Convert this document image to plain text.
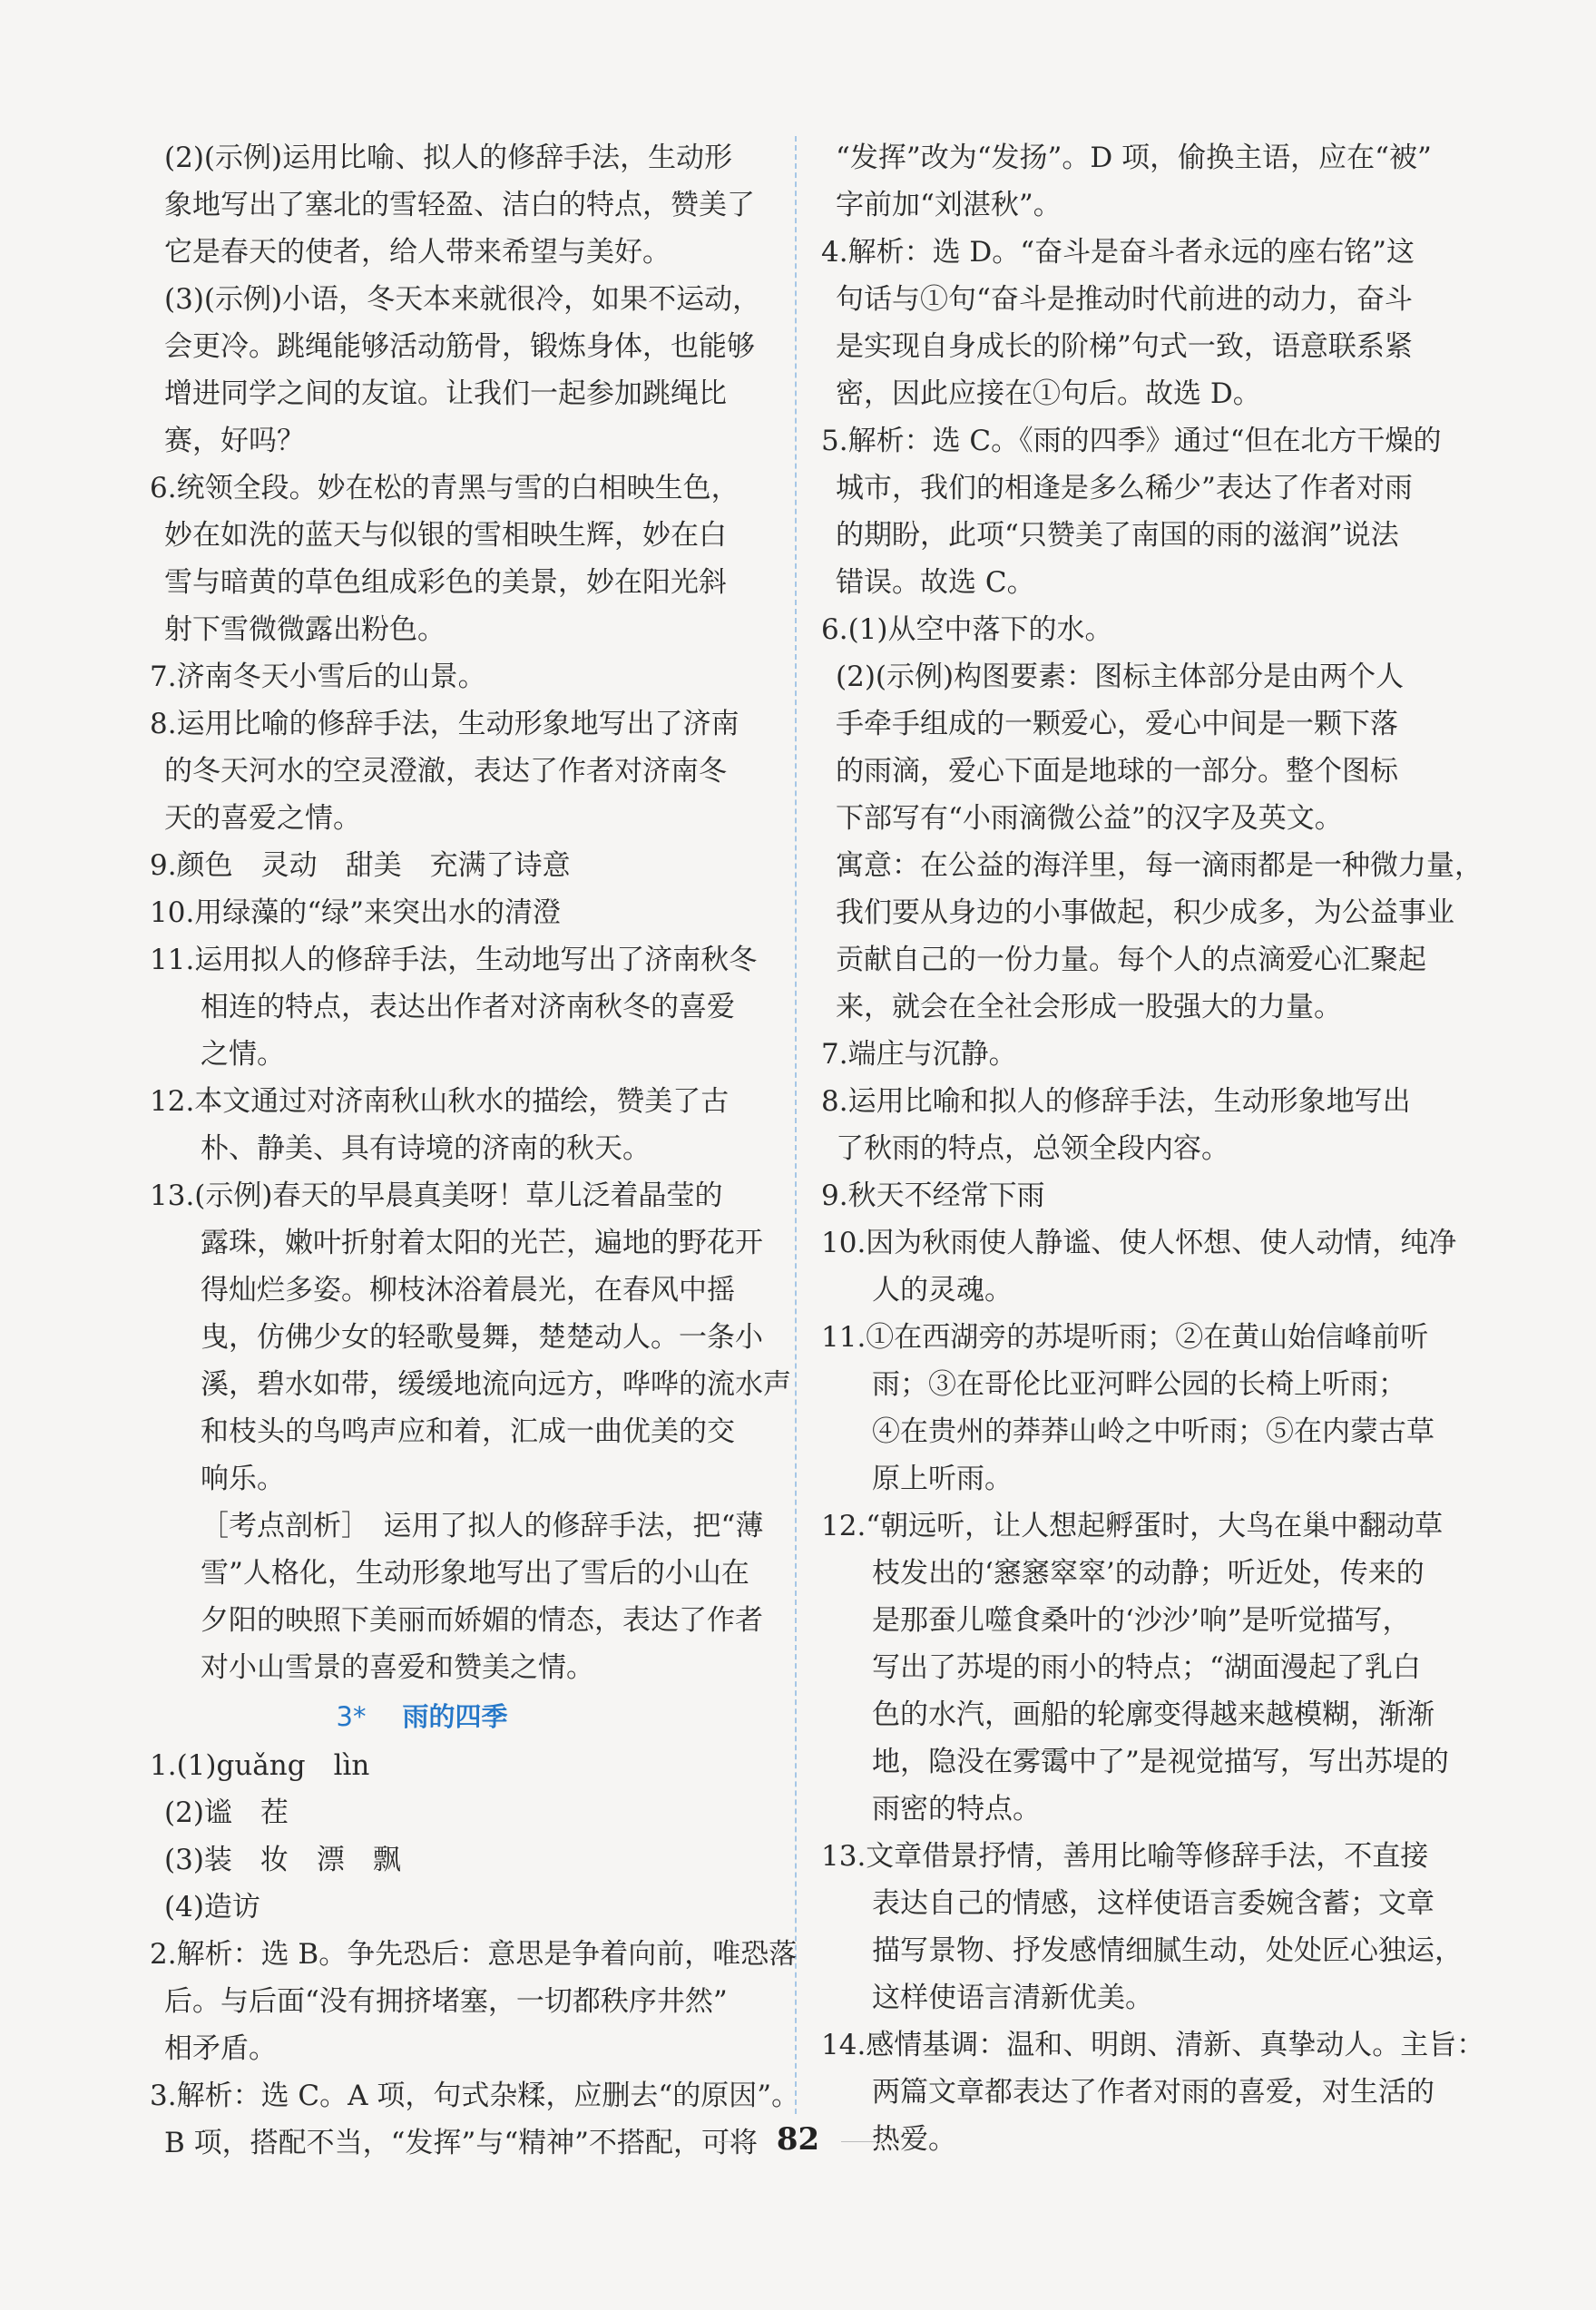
(2)(示例)运用比喻、拟人的修辞手法，生动形
象地写出了塞北的雪轻盈、洁白的特点，赞美了
它是春天的使者，给人带来希望与美好。
(3)(示例)小语，冬天本来就很冷，如果不运动，
会更冷。跳绳能够活动筋骨，锻炼身体，也能够
增进同学之间的友谊。让我们一起参加跳绳比
赛，好吗？
6.统领全段。妙在松的青黑与雪的白相映生色，
妙在如洗的蓝天与似银的雪相映生辉，妙在白
雪与暗黄的草色组成彩色的美景，妙在阳光斜
射下雪微微露出粉色。
7.济南冬天小雪后的山景。
8.运用比喻的修辞手法，生动形象地写出了济南
的冬天河水的空灵澄澈，表达了作者对济南冬
天的喜爱之情。
9.颜色　灵动　甜美　充满了诗意
10.用绿藻的“绿”来突出水的清澄
11.运用拟人的修辞手法，生动地写出了济南秋冬
相连的特点，表达出作者对济南秋冬的喜爱
之情。
12.本文通过对济南秋山秋水的描绘，赞美了古
朴、静美、具有诗境的济南的秋天。
13.(示例)春天的早晨真美呀！草儿泛着晶莹的
露珠，嫩叶折射着太阳的光芒，遍地的野花开
得灿烂多姿。柳枝沐浴着晨光，在春风中摇
曳，仿佛少女的轻歌曼舞，楚楚动人。一条小
溪，碧水如带，缓缓地流向远方，哗哗的流水声
和枝头的鸟鸣声应和着，汇成一曲优美的交
响乐。
［考点剖析］　运用了拟人的修辞手法，把“薄
雪”人格化，生动形象地写出了雪后的小山在
夕阳的映照下美丽而娇媚的情态，表达了作者
对小山雪景的喜爱和赞美之情。
3* 雨的四季
1.(1)guǎng　lìn
(2)谧　茬
(3)装　妆　漂　飘
(4)造访
2.解析：选 B。争先恐后：意思是争着向前，唯恐落
后。与后面“没有拥挤堵塞，一切都秩序井然”
相矛盾。
3.解析：选 C。A 项，句式杂糅，应删去“的原因”。
B 项，搭配不当，“发挥”与“精神”不搭配，可将
“发挥”改为“发扬”。D 项，偷换主语，应在“被”
字前加“刘湛秋”。
4.解析：选 D。“奋斗是奋斗者永远的座右铭”这
句话与①句“奋斗是推动时代前进的动力，奋斗
是实现自身成长的阶梯”句式一致，语意联系紧
密，因此应接在①句后。故选 D。
5.解析：选 C。《雨的四季》通过“但在北方干燥的
城市，我们的相逢是多么稀少”表达了作者对雨
的期盼，此项“只赞美了南国的雨的滋润”说法
错误。故选 C。
6.(1)从空中落下的水。
(2)(示例)构图要素：图标主体部分是由两个人
手牵手组成的一颗爱心，爱心中间是一颗下落
的雨滴，爱心下面是地球的一部分。整个图标
下部写有“小雨滴微公益”的汉字及英文。
寓意：在公益的海洋里，每一滴雨都是一种微力量，
我们要从身边的小事做起，积少成多，为公益事业
贡献自己的一份力量。每个人的点滴爱心汇聚起
来，就会在全社会形成一股强大的力量。
7.端庄与沉静。
8.运用比喻和拟人的修辞手法，生动形象地写出
了秋雨的特点，总领全段内容。
9.秋天不经常下雨
10.因为秋雨使人静谧、使人怀想、使人动情，纯净
人的灵魂。
11.①在西湖旁的苏堤听雨；②在黄山始信峰前听
雨；③在哥伦比亚河畔公园的长椅上听雨；
④在贵州的莽莽山岭之中听雨；⑤在内蒙古草
原上听雨。
12.“朝远听，让人想起孵蛋时，大鸟在巢中翻动草
枝发出的‘窸窸窣窣’的动静；听近处，传来的
是那蚕儿噬食桑叶的‘沙沙’响”是听觉描写，
写出了苏堤的雨小的特点；“湖面漫起了乳白
色的水汽，画船的轮廓变得越来越模糊，渐渐
地，隐没在雾霭中了”是视觉描写，写出苏堤的
雨密的特点。
13.文章借景抒情，善用比喻等修辞手法，不直接
表达自己的情感，这样使语言委婉含蓄；文章
描写景物、抒发感情细腻生动，处处匠心独运，
这样使语言清新优美。
14.感情基调：温和、明朗、清新、真挚动人。主旨：
两篇文章都表达了作者对雨的喜爱，对生活的
热爱。
82
